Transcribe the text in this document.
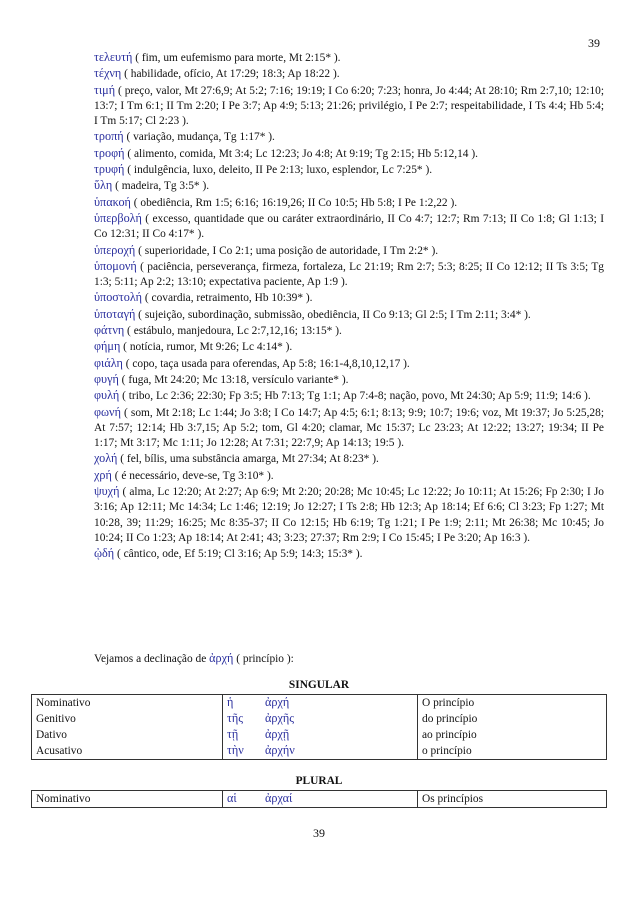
39

τελευτή ( fim, um eufemismo para morte, Mt 2:15* ).

τέχνη ( habilidade, ofício, At 17:29; 18:3; Ap 18:22 ).

τιμή ( preço, valor, Mt 27:6,9; At 5:2; 7:16; 19:19; I Co 6:20; 7:23; honra, Jo 4:44; At 28:10; Rm 2:7,10; 12:10; 13:7; I Tm 6:1; II Tm 2:20; I Pe 3:7; Ap 4:9; 5:13; 21:26; privilégio, I Pe 2:7; respeitabilidade, I Ts 4:4; Hb 5:4; I Tm 5:17; Cl 2:23 ).

τροπή ( variação, mudança, Tg 1:17* ).

τροφή ( alimento, comida, Mt 3:4; Lc 12:23; Jo 4:8; At 9:19; Tg 2:15; Hb 5:12,14 ).

τρυφή ( indulgência, luxo, deleito, II Pe 2:13; luxo, esplendor, Lc 7:25* ).

ὕλη ( madeira, Tg 3:5* ).

ὑπακοή ( obediência, Rm 1:5; 6:16; 16:19,26; II Co 10:5; Hb 5:8; I Pe 1:2,22 ).

ὑπερβολή ( excesso, quantidade que ou caráter extraordinário, II Co 4:7; 12:7; Rm 7:13; II Co 1:8; Gl 1:13; I Co 12:31; II Co 4:17* ).

ὑπεροχή ( superioridade, I Co 2:1; uma posição de autoridade, I Tm 2:2* ).

ὑπομονή ( paciência, perseverança, firmeza, fortaleza, Lc 21:19; Rm 2:7; 5:3; 8:25; II Co 12:12; II Ts 3:5; Tg 1:3; 5:11; Ap 2:2; 13:10; expectativa paciente, Ap 1:9 ).

ὑποστολή ( covardia, retraimento, Hb 10:39* ).

ὑποταγή ( sujeição, subordinação, submissão, obediência, II Co 9:13; Gl 2:5; I Tm 2:11; 3:4* ).

φάτνη ( estábulo, manjedoura, Lc 2:7,12,16; 13:15* ).

φήμη ( notícia, rumor, Mt 9:26; Lc 4:14* ).

φιάλη ( copo, taça usada para oferendas, Ap 5:8; 16:1-4,8,10,12,17 ).

φυγή ( fuga, Mt 24:20; Mc 13:18, versículo variante* ).

φυλή ( tribo, Lc 2:36; 22:30; Fp 3:5; Hb 7:13; Tg 1:1; Ap 7:4-8; nação, povo, Mt 24:30; Ap 5:9; 11:9; 14:6 ).

φωνή ( som, Mt 2:18; Lc 1:44; Jo 3:8; I Co 14:7; Ap 4:5; 6:1; 8:13; 9:9; 10:7; 19:6; voz, Mt 19:37; Jo 5:25,28; At 7:57; 12:14; Hb 3:7,15; Ap 5:2; tom, Gl 4:20; clamar, Mc 15:37; Lc 23:23; At 12:22; 13:27; 19:34; II Pe 1:17; Mt 3:17; Mc 1:11; Jo 12:28; At 7:31; 22:7,9; Ap 14:13; 19:5 ).

χολή ( fel, bílis, uma substância amarga, Mt 27:34; At 8:23* ).

χρή ( é necessário, deve-se, Tg 3:10* ).

ψυχή ( alma, Lc 12:20; At 2:27; Ap 6:9; Mt 2:20; 20:28; Mc 10:45; Lc 12:22; Jo 10:11; At 15:26; Fp 2:30; I Jo 3:16; Ap 12:11; Mc 14:34; Lc 1:46; 12:19; Jo 12:27; I Ts 2:8; Hb 12:3; Ap 18:14; Ef 6:6; Cl 3:23; Fp 1:27; Mt 10:28, 39; 11:29; 16:25; Mc 8:35-37; II Co 12:15; Hb 6:19; Tg 1:21; I Pe 1:9; 2:11; Mt 26:38; Mc 10:45; Jo 10:24; II Co 1:23; Ap 18:14; At 2:41; 43; 3:23; 27:37; Rm 2:9; I Co 15:45; I Pe 3:20; Ap 16:3 ).

ᾠδή ( cântico, ode, Ef 5:19; Cl 3:16; Ap 5:9; 14:3; 15:3* ).

Vejamos a declinação de ἀρχή ( princípio ):
SINGULAR
Nominativo	ἡ ἀρχή	O princípio
Genitivo	τῆς ἀρχῆς	do princípio
Dativo	τῇ ἀρχῇ	ao princípio
Acusativo	τὴν ἀρχήν	o princípio
PLURAL
Nominativo	αἱ ἀρχαί	Os princípios
39
